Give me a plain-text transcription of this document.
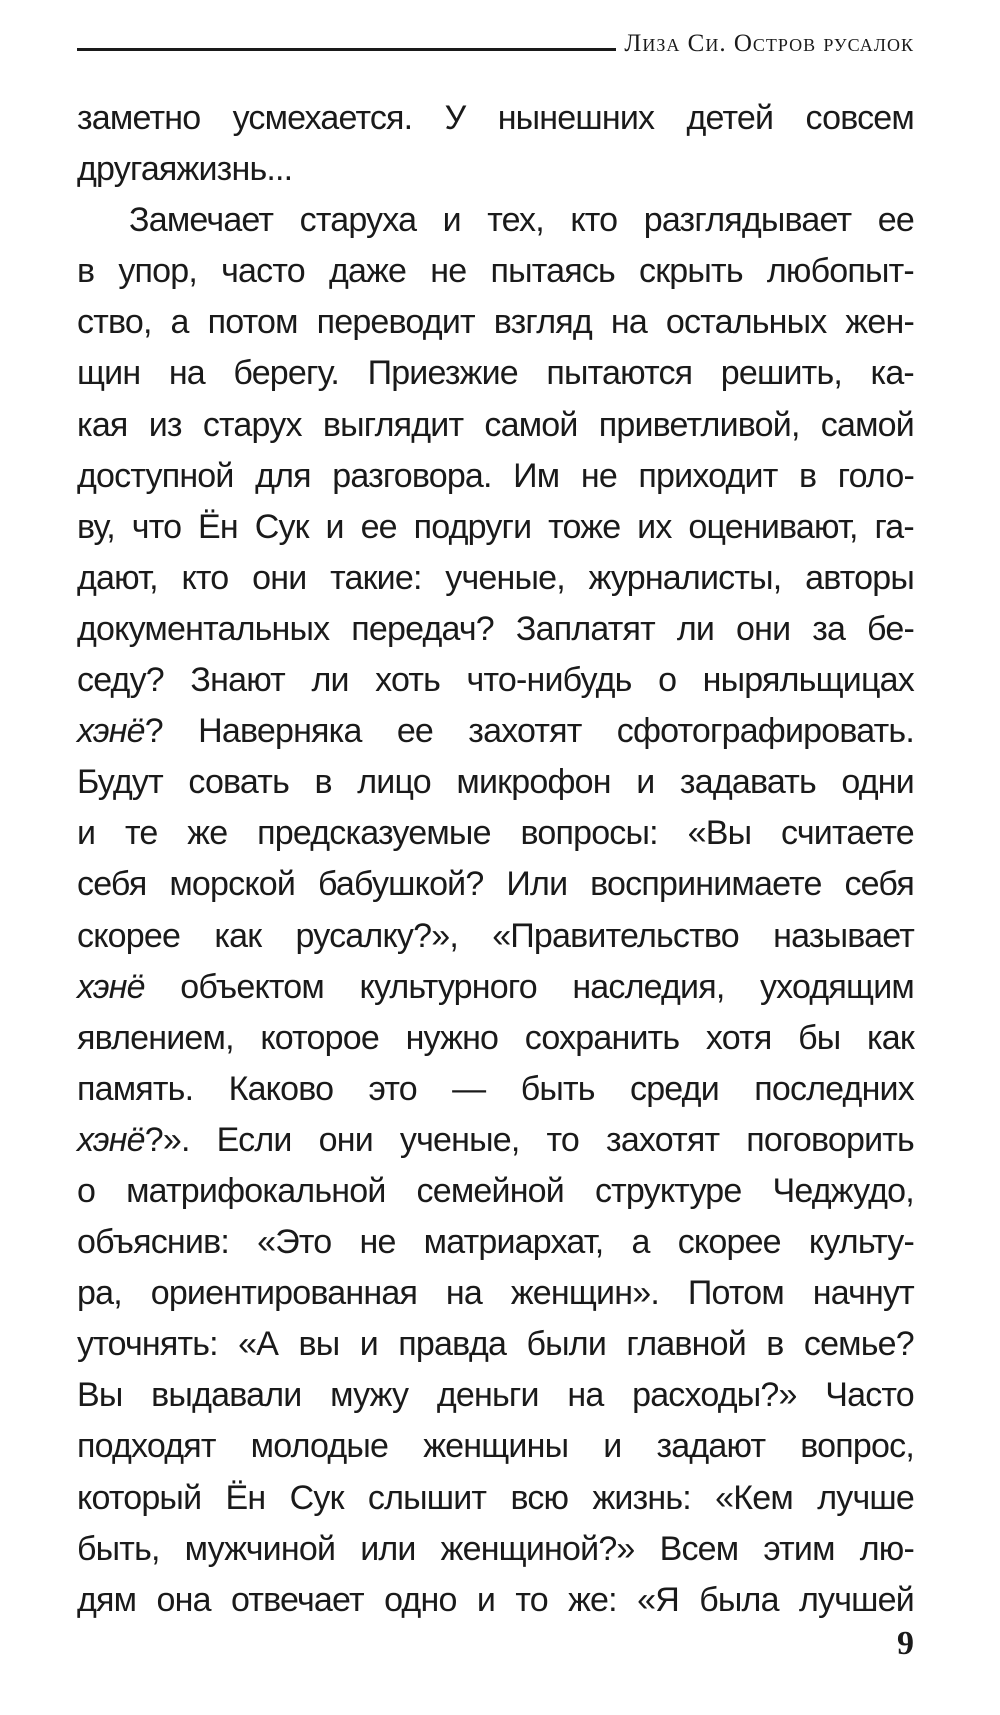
Лиза Си. Остров русалок
заметно усмехается. У нынешних детей совсем
другая жизнь...
Замечает старуха и тех, кто разглядывает ее
в упор, часто даже не пытаясь скрыть любопыт-
ство, а потом переводит взгляд на остальных жен-
щин на берегу. Приезжие пытаются решить, ка-
кая из старух выглядит самой приветливой, самой
доступной для разговора. Им не приходит в голо-
ву, что Ён Сук и ее подруги тоже их оценивают, га-
дают, кто они такие: ученые, журналисты, авторы
документальных передач? Заплатят ли они за бе-
седу? Знают ли хоть что-нибудь о ныряльщицах
хэнё? Наверняка ее захотят сфотографировать.
Будут совать в лицо микрофон и задавать одни
и те же предсказуемые вопросы: «Вы считаете
себя морской бабушкой? Или воспринимаете себя
скорее как русалку?», «Правительство называет
хэнё объектом культурного наследия, уходящим
явлением, которое нужно сохранить хотя бы как
память. Каково это — быть среди последних
хэнё?». Если они ученые, то захотят поговорить
о матрифокальной семейной структуре Чеджудо,
объяснив: «Это не матриархат, а скорее культу-
ра, ориентированная на женщин». Потом начнут
уточнять: «А вы и правда были главной в семье?
Вы выдавали мужу деньги на расходы?» Часто
подходят молодые женщины и задают вопрос,
который Ён Сук слышит всю жизнь: «Кем лучше
быть, мужчиной или женщиной?» Всем этим лю-
дям она отвечает одно и то же: «Я была лучшей
9
